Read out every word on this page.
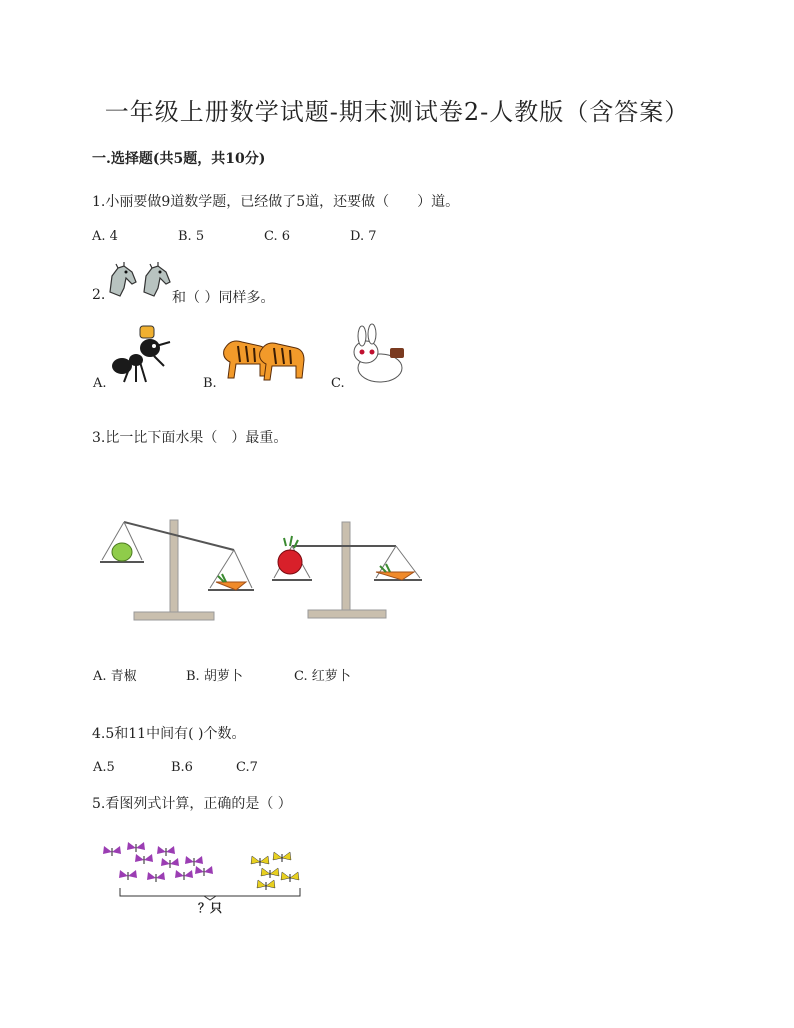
一年级上册数学试题-期末测试卷2-人教版（含答案）
一.选择题(共5题，共10分)
1.小丽要做9道数学题，已经做了5道，还要做（　　）道。
A. 4	B. 5	C. 6	D. 7
2.	和（ ）同样多。
A.	B.	C.
3.比一比下面水果（　）最重。
A. 青椒	B. 胡萝卜	C. 红萝卜
4.5和11中间有( )个数。
A.5	B.6	C.7
5.看图列式计算，正确的是（ ）
？只
